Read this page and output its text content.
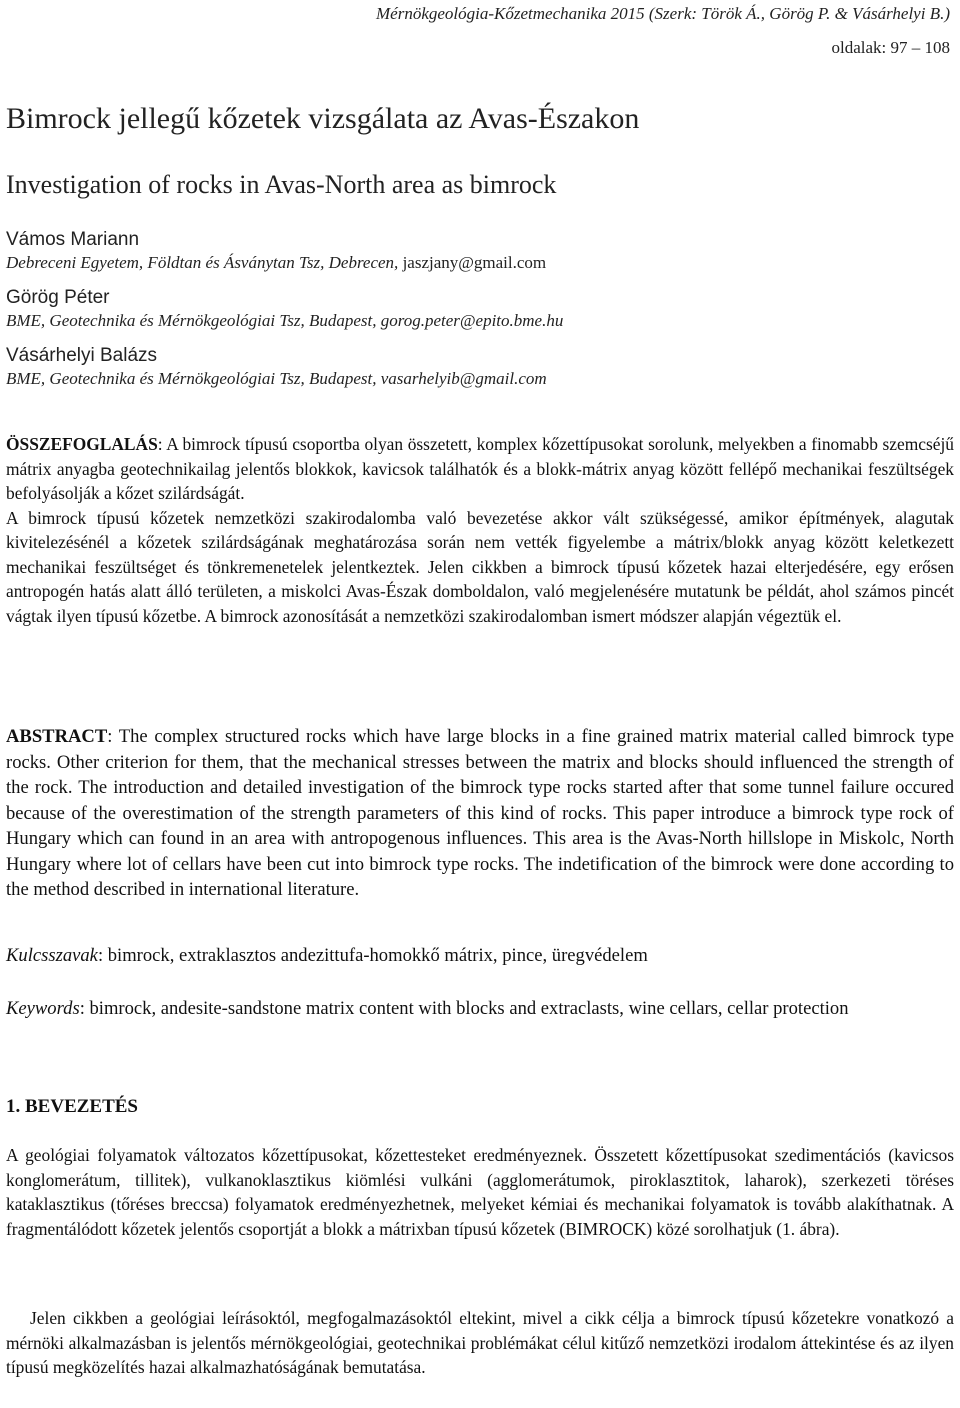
Mérnökgeológia-Kőzetmechanika 2015 (Szerk: Török Á., Görög P. & Vásárhelyi B.)
oldalak: 97 – 108
Bimrock jellegű kőzetek vizsgálata az Avas-Északon
Investigation of rocks in Avas-North area as bimrock
Vámos Mariann
Debreceni Egyetem, Földtan és Ásványtan Tsz, Debrecen, jaszjany@gmail.com
Görög Péter
BME, Geotechnika és Mérnökgeológiai Tsz, Budapest, gorog.peter@epito.bme.hu
Vásárhelyi Balázs
BME, Geotechnika és Mérnökgeológiai Tsz, Budapest, vasarhelyib@gmail.com

ÖSSZEFOGLALÁS: A bimrock típusú csoportba olyan összetett, komplex kőzettípusokat sorolunk, melyekben a finomabb szemcséjű mátrix anyagba geotechnikailag jelentős blokkok, kavicsok találhatók és a blokk-mátrix anyag között fellépő mechanikai feszültségek befolyásolják a kőzet szilárdságát.

A bimrock típusú kőzetek nemzetközi szakirodalomba való bevezetése akkor vált szükségessé, amikor építmények, alagutak kivitelezésénél a kőzetek szilárdságának meghatározása során nem vették figyelembe a mátrix/blokk anyag között keletkezett mechanikai feszültséget és tönkremenetelek jelentkeztek. Jelen cikkben a bimrock típusú kőzetek hazai elterjedésére, egy erősen antropogén hatás alatt álló területen, a miskolci Avas-Észak domboldalon, való megjelenésére mutatunk be példát, ahol számos pincét vágtak ilyen típusú kőzetbe. A bimrock azonosítását a nemzetközi szakirodalomban ismert módszer alapján végeztük el.

ABSTRACT: The complex structured rocks which have large blocks in a fine grained matrix material called bimrock type rocks. Other criterion for them, that the mechanical stresses between the matrix and blocks should influenced the strength of the rock. The introduction and detailed investigation of the bimrock type rocks started after that some tunnel failure occured because of the overestimation of the strength parameters of this kind of rocks. This paper introduce a bimrock type rock of Hungary which can found in an area with antropogenous influences. This area is the Avas-North hillslope in Miskolc, North Hungary where lot of cellars have been cut into bimrock type rocks. The indetification of the bimrock were done according to the method described in international literature.

Kulcsszavak: bimrock, extraklasztos andezittufa-homokkő mátrix, pince, üregvédelem

Keywords: bimrock, andesite-sandstone matrix content with blocks and extraclasts, wine cellars, cellar protection

1. BEVEZETÉS
A geológiai folyamatok változatos kőzettípusokat, kőzettesteket eredményeznek. Összetett kőzettípusokat szedimentációs (kavicsos konglomerátum, tillitek), vulkanoklasztikus kiömlési vulkáni (agglomerátumok, piroklasztitok, laharok), szerkezeti töréses kataklasztikus (tőréses breccsa) folyamatok eredményezhetnek, melyeket kémiai és mechanikai folyamatok is tovább alakíthatnak. A fragmentálódott kőzetek jelentős csoportját a blokk a mátrixban típusú kőzetek (BIMROCK) közé sorolhatjuk (1. ábra).
Jelen cikkben a geológiai leírásoktól, megfogalmazásoktól eltekint, mivel a cikk célja a bimrock típusú kőzetekre vonatkozó a mérnöki alkalmazásban is jelentős mérnökgeológiai, geotechnikai problémákat célul kitűző nemzetközi irodalom áttekintése és az ilyen típusú megközelítés hazai alkalmazhatóságának bemutatása.
